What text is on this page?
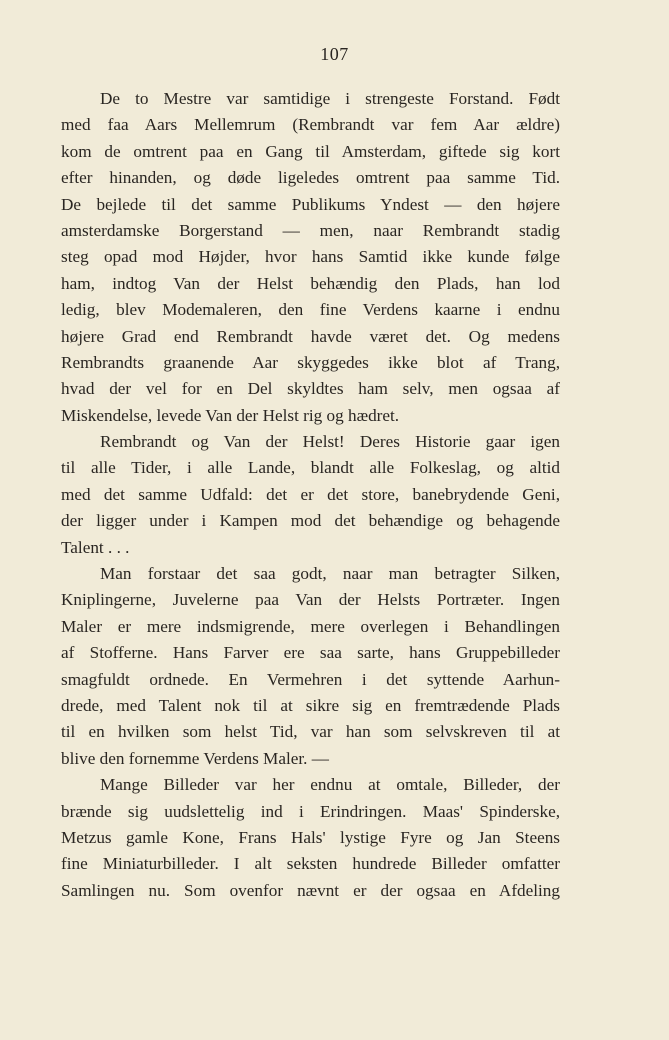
107
De to Mestre var samtidige i strengeste Forstand. Født
med faa Aars Mellemrum (Rembrandt var fem Aar ældre)
kom de omtrent paa en Gang til Amsterdam, giftede sig kort
efter hinanden, og døde ligeledes omtrent paa samme Tid.
De bejlede til det samme Publikums Yndest — den højere
amsterdamske Borgerstand — men, naar Rembrandt stadig
steg opad mod Højder, hvor hans Samtid ikke kunde følge
ham, indtog Van der Helst behændig den Plads, han lod
ledig, blev Modemaleren, den fine Verdens kaarne i endnu
højere Grad end Rembrandt havde været det. Og medens
Rembrandts graanende Aar skyggedes ikke blot af Trang,
hvad der vel for en Del skyldtes ham selv, men ogsaa af
Miskendelse, levede Van der Helst rig og hædret.
Rembrandt og Van der Helst! Deres Historie gaar igen
til alle Tider, i alle Lande, blandt alle Folkeslag, og altid
med det samme Udfald: det er det store, banebrydende Geni,
der ligger under i Kampen mod det behændige og behagende
Talent . . .
Man forstaar det saa godt, naar man betragter Silken,
Kniplingerne, Juvelerne paa Van der Helsts Portræter. Ingen
Maler er mere indsmigrende, mere overlegen i Behandlingen
af Stofferne. Hans Farver ere saa sarte, hans Gruppebilleder
smagfuldt ordnede. En Vermehren i det syttende Aarhun-
drede, med Talent nok til at sikre sig en fremtrædende Plads
til en hvilken som helst Tid, var han som selvskreven til at
blive den fornemme Verdens Maler. —
Mange Billeder var her endnu at omtale, Billeder, der
brænde sig uudslettelig ind i Erindringen. Maas' Spinderske,
Metzus gamle Kone, Frans Hals' lystige Fyre og Jan Steens
fine Miniaturbilleder. I alt seksten hundrede Billeder omfatter
Samlingen nu. Som ovenfor nævnt er der ogsaa en Afdeling
